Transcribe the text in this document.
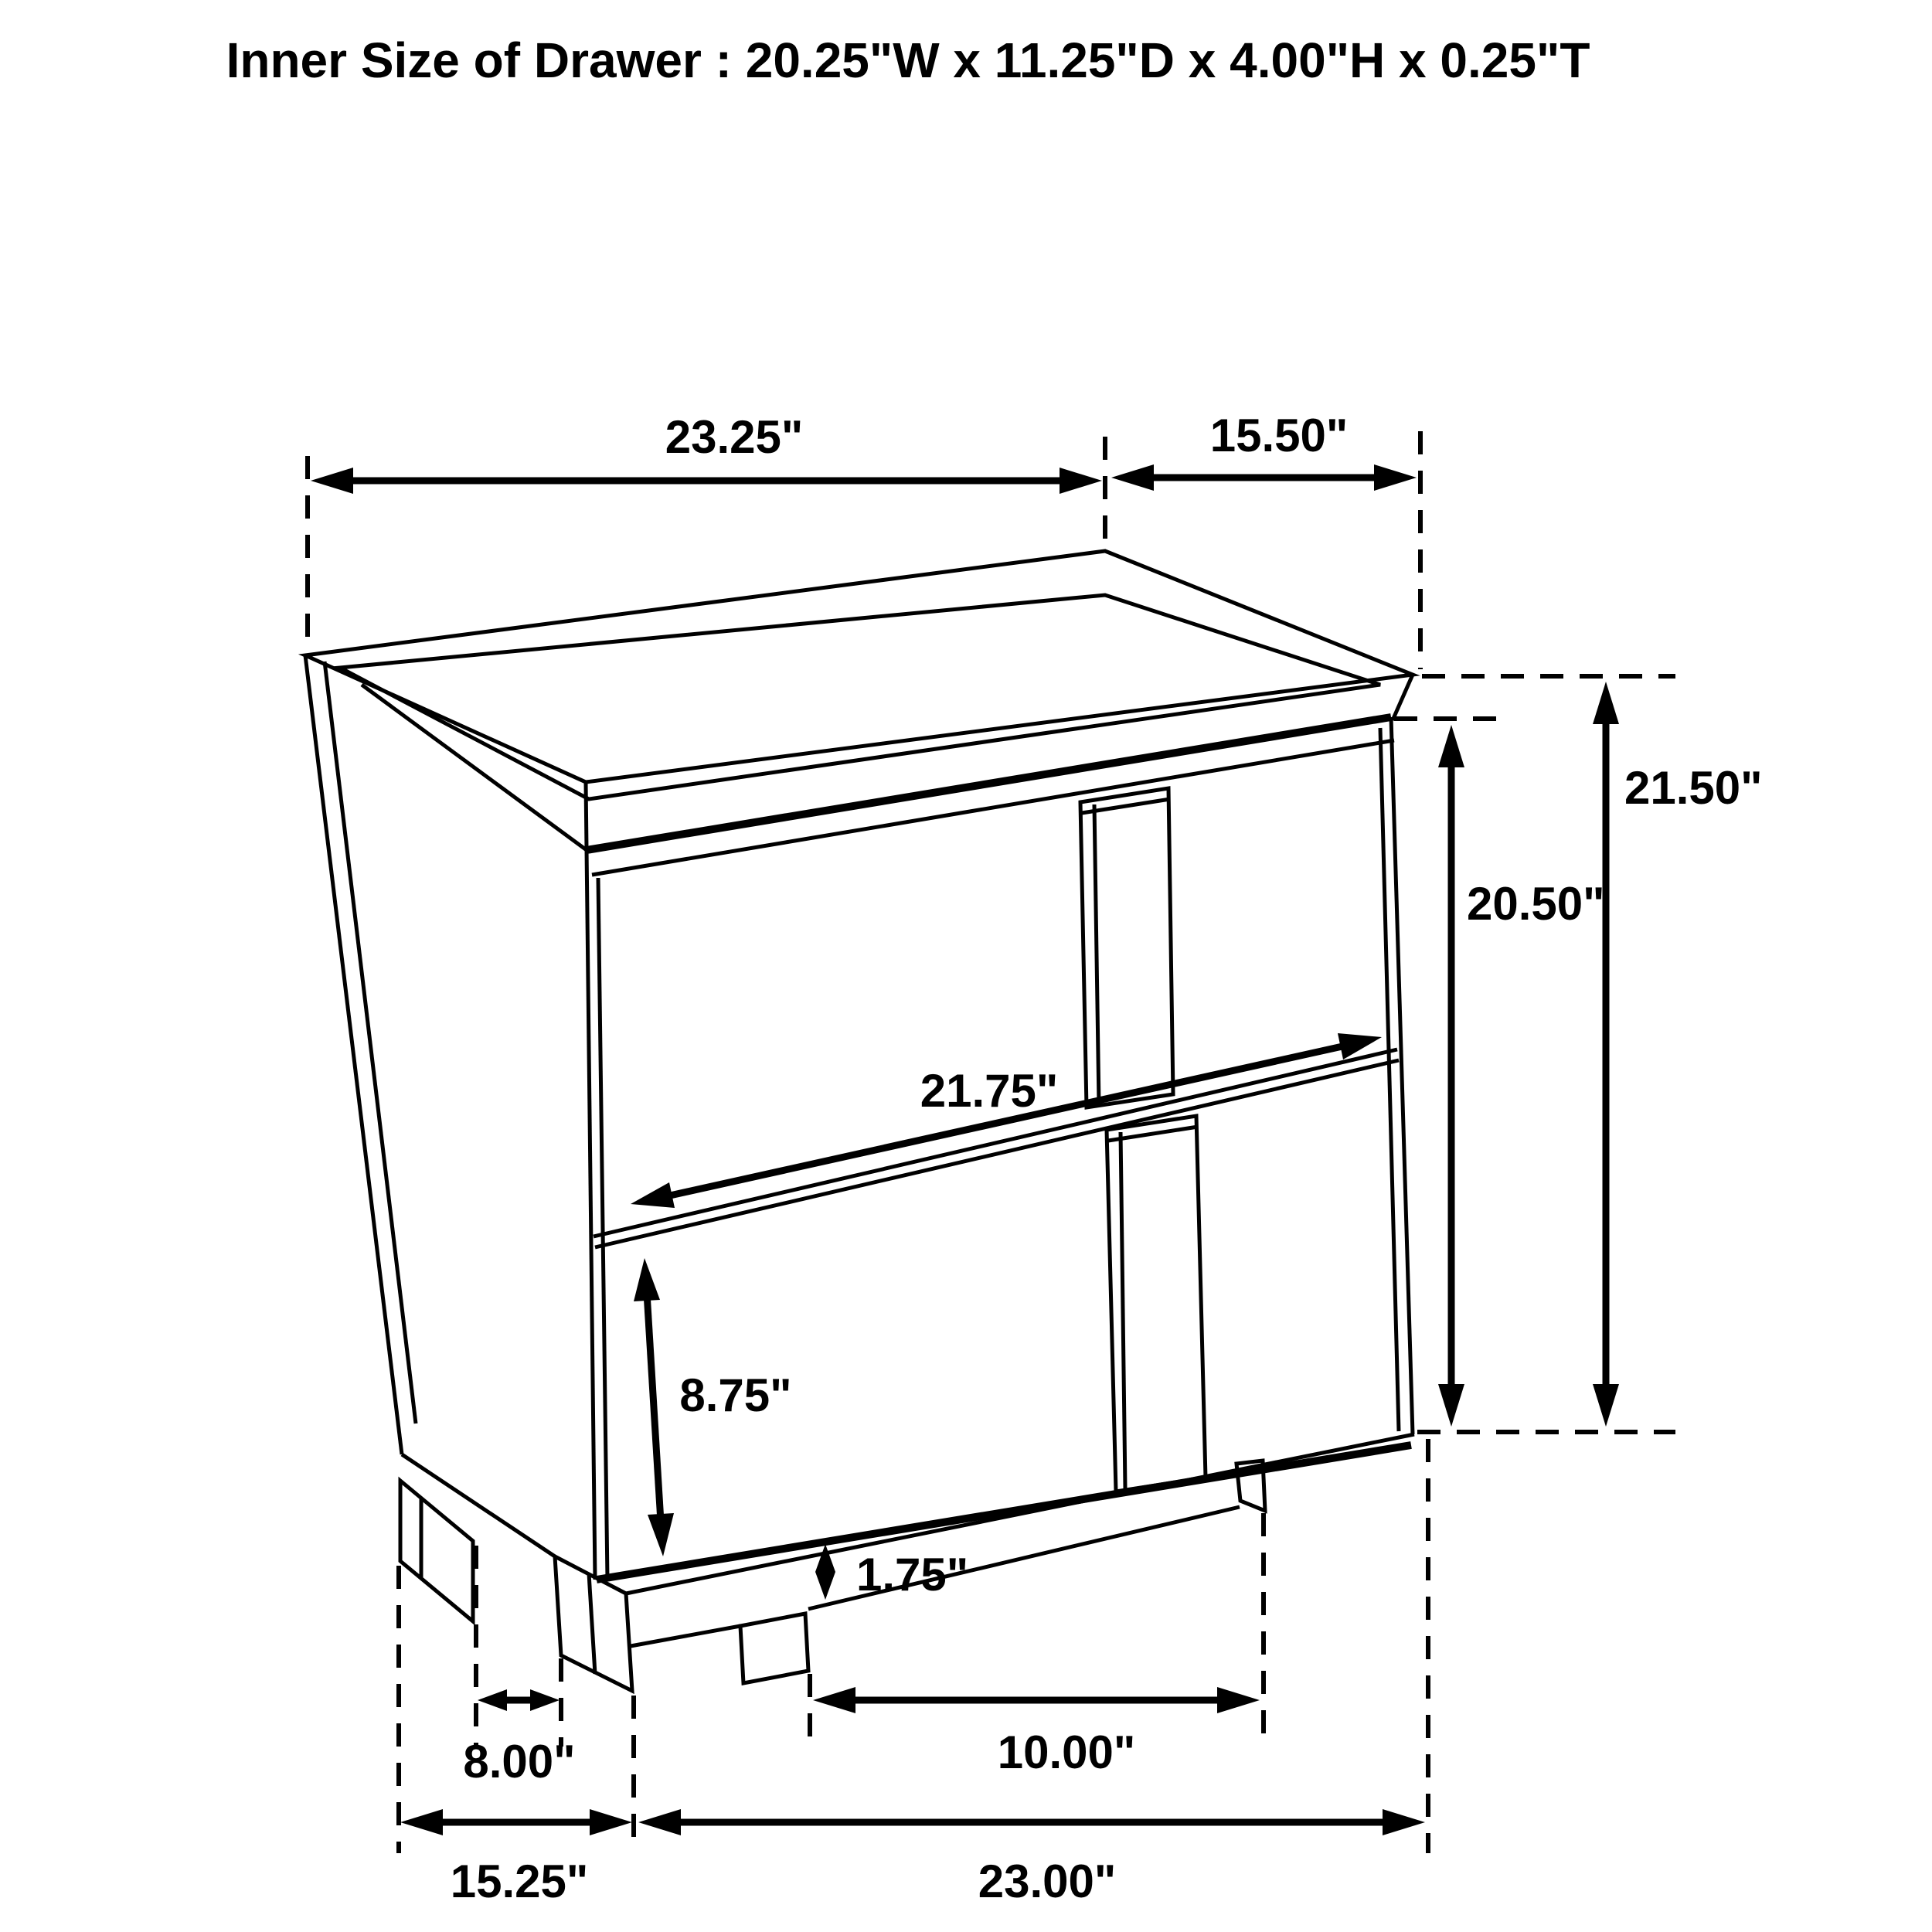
Inner Size of Drawer : 20.25"W x 11.25"D x 4.00"H x 0.25"T
23.25"	15.50"
21.50"
20.50"
21.75"
8.75"
1.75"
8.00"	10.00"
15.25"	23.00"
